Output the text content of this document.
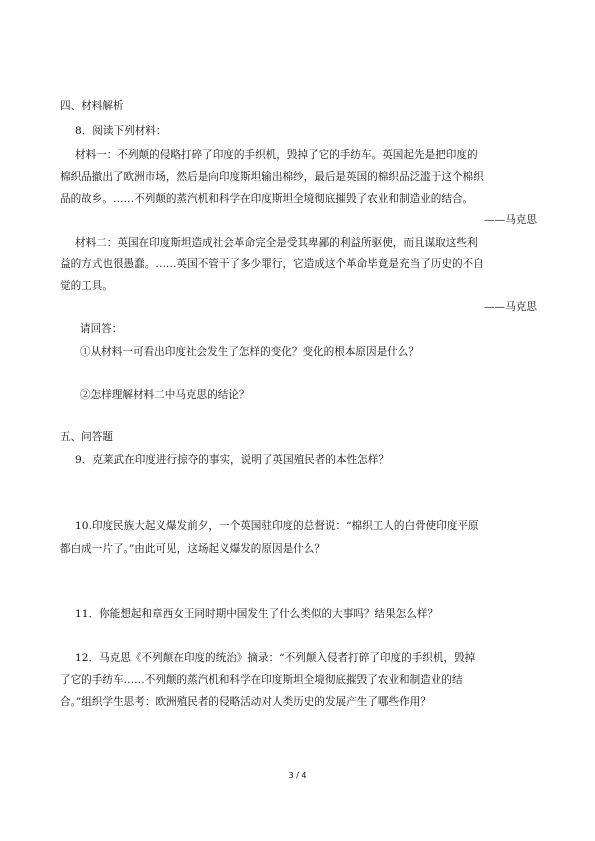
四、材料解析
8．阅读下列材料：
材料一：不列颠的侵略打碎了印度的手织机，毁掉了它的手纺车。英国起先是把印度的
棉织品撤出了欧洲市场，然后是向印度斯坦输出棉纱，最后是英国的棉织品泛滥于这个棉织
品的故乡。……不列颠的蒸汽机和科学在印度斯坦全境彻底摧毁了农业和制造业的结合。
——马克思
材料二：英国在印度斯坦造成社会革命完全是受其卑鄙的利益所驱使，而且谋取这些利
益的方式也很愚蠢。……英国不管干了多少罪行，它造成这个革命毕竟是充当了历史的不自
觉的工具。
——马克思
请回答：
①从材料一可看出印度社会发生了怎样的变化？变化的根本原因是什么？
②怎样理解材料二中马克思的结论？
五、问答题
9．克莱武在印度进行掠夺的事实，说明了英国殖民者的本性怎样？
10.印度民族大起义爆发前夕，一个英国驻印度的总督说：“棉织工人的白骨使印度平原
都白成一片了。”由此可见，这场起义爆发的原因是什么？
11．你能想起和章西女王同时期中国发生了什么类似的大事吗？结果怎么样？
12．马克思《不列颠在印度的统治》摘录：“不列颠入侵者打碎了印度的手织机，毁掉
了它的手纺车……不列颠的蒸汽机和科学在印度斯坦全境彻底摧毁了农业和制造业的结
合。”组织学生思考：欧洲殖民者的侵略活动对人类历史的发展产生了哪些作用？
3 / 4
